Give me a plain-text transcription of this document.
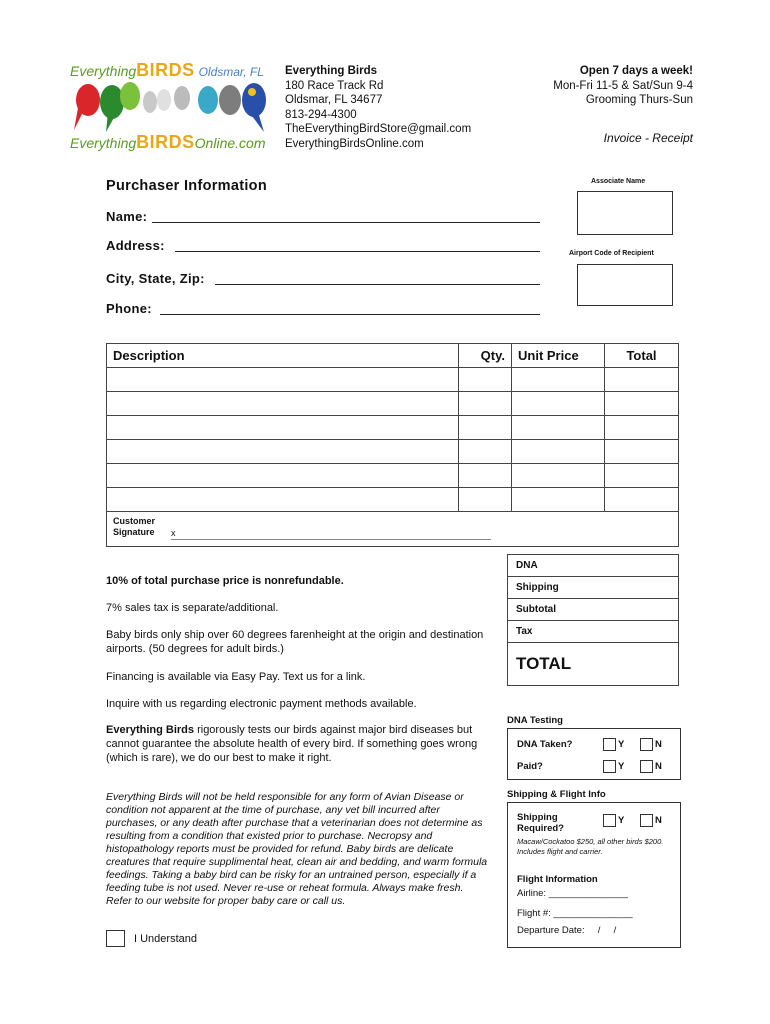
EverythingBIRDS Oldsmar, FL
EverythingBIRDSOnline.com
Everything Birds
180 Race Track Rd
Oldsmar, FL 34677
813-294-4300
TheEverythingBirdStore@gmail.com
EverythingBirdsOnline.com
Open 7 days a week!
Mon-Fri 11-5 & Sat/Sun 9-4
Grooming Thurs-Sun
Invoice - Receipt
Purchaser Information
Name:
Address:
City, State, Zip:
Phone:
Associate Name
Airport Code of Recipient
Description	Qty.	Unit Price	Total

Customer
Signature x			
DNA
Shipping
Subtotal
Tax
TOTAL
10% of total purchase price is nonrefundable.
7% sales tax is separate/additional.
Baby birds only ship over 60 degrees farenheight at the origin and destination airports. (50 degrees for adult birds.)
Financing is available via Easy Pay. Text us for a link.
Inquire with us regarding electronic payment methods available.
Everything Birds rigorously tests our birds against major bird diseases but cannot guarantee the absolute health of every bird. If something goes wrong (which is rare), we do our best to make it right.
Everything Birds will not be held responsible for any form of Avian Disease or condition not apparent at the time of purchase, any vet bill incurred after purchases, or any death after purchase that a veterinarian does not determine as resulting from a condition that existed prior to purchase. Necropsy and histopathology reports must be provided for refund. Baby birds are delicate creatures that require supplimental heat, clean air and bedding, and warm formula feedings. Taking a baby bird can be risky for an untrained person, especially if a feeding tube is not used. Never re-use or reheat formula. Always make fresh. Refer to our website for proper baby care or call us.
I Understand
DNA Testing
DNA Taken?	Y	N
Paid?	Y	N
Shipping & Flight Info
Shipping
Required?
Y	N
Macaw/Cockatoo $250, all other birds $200. Includes flight and carrier.
Flight Information
Airline: _______________
Flight #: _______________
Departure Date:     /     /
